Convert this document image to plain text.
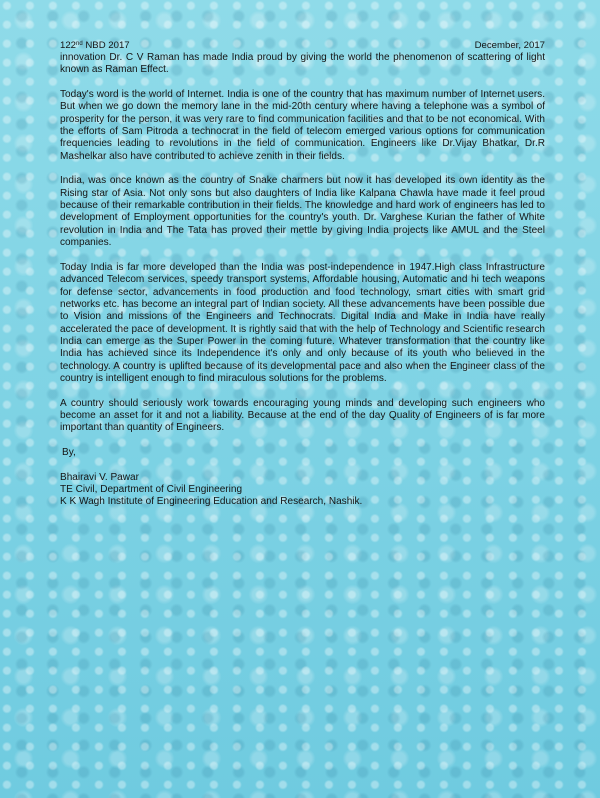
122nd NBD 2017	December, 2017

innovation Dr. C V Raman has made India proud by giving the world the phenomenon of scattering of light known as Raman Effect.

Today's word is the world of Internet. India is one of the country that has maximum number of Internet users. But when we go down the memory lane in the mid-20th century where having a telephone was a symbol of prosperity for the person, it was very rare to find communication facilities and that to be not economical. With the efforts of Sam Pitroda a technocrat in the field of telecom emerged various options for communication frequencies leading to revolutions in the field of communication. Engineers like Dr.Vijay Bhatkar, Dr.R Mashelkar also have contributed to achieve zenith in their fields.

India, was once known as the country of Snake charmers but now it has developed its own identity as the Rising star of Asia. Not only sons but also daughters of India like Kalpana Chawla have made it feel proud because of their remarkable contribution in their fields. The knowledge and hard work of engineers has led to development of Employment opportunities for the country's youth. Dr. Varghese Kurian the father of White revolution in India and The Tata has proved their mettle by giving India projects like AMUL and the Steel companies.

Today India is far more developed than the India was post-independence in 1947.High class Infrastructure advanced Telecom services, speedy transport systems, Affordable housing, Automatic and hi tech weapons for defense sector, advancements in food production and food technology, smart cities with smart grid networks etc. has become an integral part of Indian society. All these advancements have been possible due to Vision and missions of the Engineers and Technocrats. Digital India and Make in India have really accelerated the pace of development. It is rightly said that with the help of Technology and Scientific research India can emerge as the Super Power in the coming future. Whatever transformation that the country like India has achieved since its Independence it's only and only because of its youth who believed in the technology. A country is uplifted because of its developmental pace and also when the Engineer class of the country is intelligent enough to find miraculous solutions for the problems.

A country should seriously work towards encouraging young minds and developing such engineers who become an asset for it and not a liability. Because at the end of the day Quality of Engineers of is far more important than quantity of Engineers.

By,
Bhairavi V. Pawar
TE Civil, Department of Civil Engineering
K K Wagh Institute of Engineering Education and Research, Nashik.
